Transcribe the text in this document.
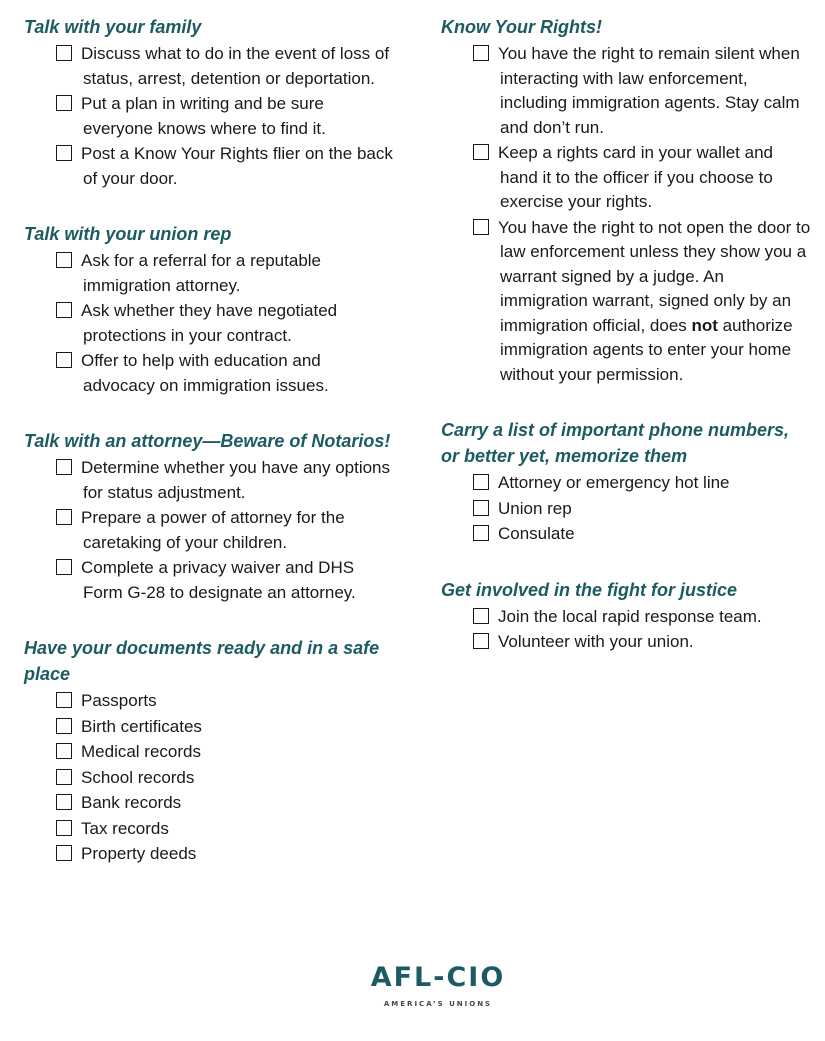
Talk with your family
Discuss what to do in the event of loss of status, arrest, detention or deportation.
Put a plan in writing and be sure everyone knows where to find it.
Post a Know Your Rights flier on the back of your door.
Talk with your union rep
Ask for a referral for a reputable immigration attorney.
Ask whether they have negotiated protections in your contract.
Offer to help with education and advocacy on immigration issues.
Talk with an attorney—Beware of Notarios!
Determine whether you have any options for status adjustment.
Prepare a power of attorney for the caretaking of your children.
Complete a privacy waiver and DHS Form G-28 to designate an attorney.
Have your documents ready and in a safe place
Passports
Birth certificates
Medical records
School records
Bank records
Tax records
Property deeds
Know Your Rights!
You have the right to remain silent when interacting with law enforcement, including immigration agents. Stay calm and don’t run.
Keep a rights card in your wallet and hand it to the officer if you choose to exercise your rights.
You have the right to not open the door to law enforcement unless they show you a warrant signed by a judge. An immigration warrant, signed only by an immigration official, does not authorize immigration agents to enter your home without your permission.
Carry a list of important phone numbers, or better yet, memorize them
Attorney or emergency hot line
Union rep
Consulate
Get involved in the fight for justice
Join the local rapid response team.
Volunteer with your union.
AFL-CIO
AMERICA’S UNIONS
